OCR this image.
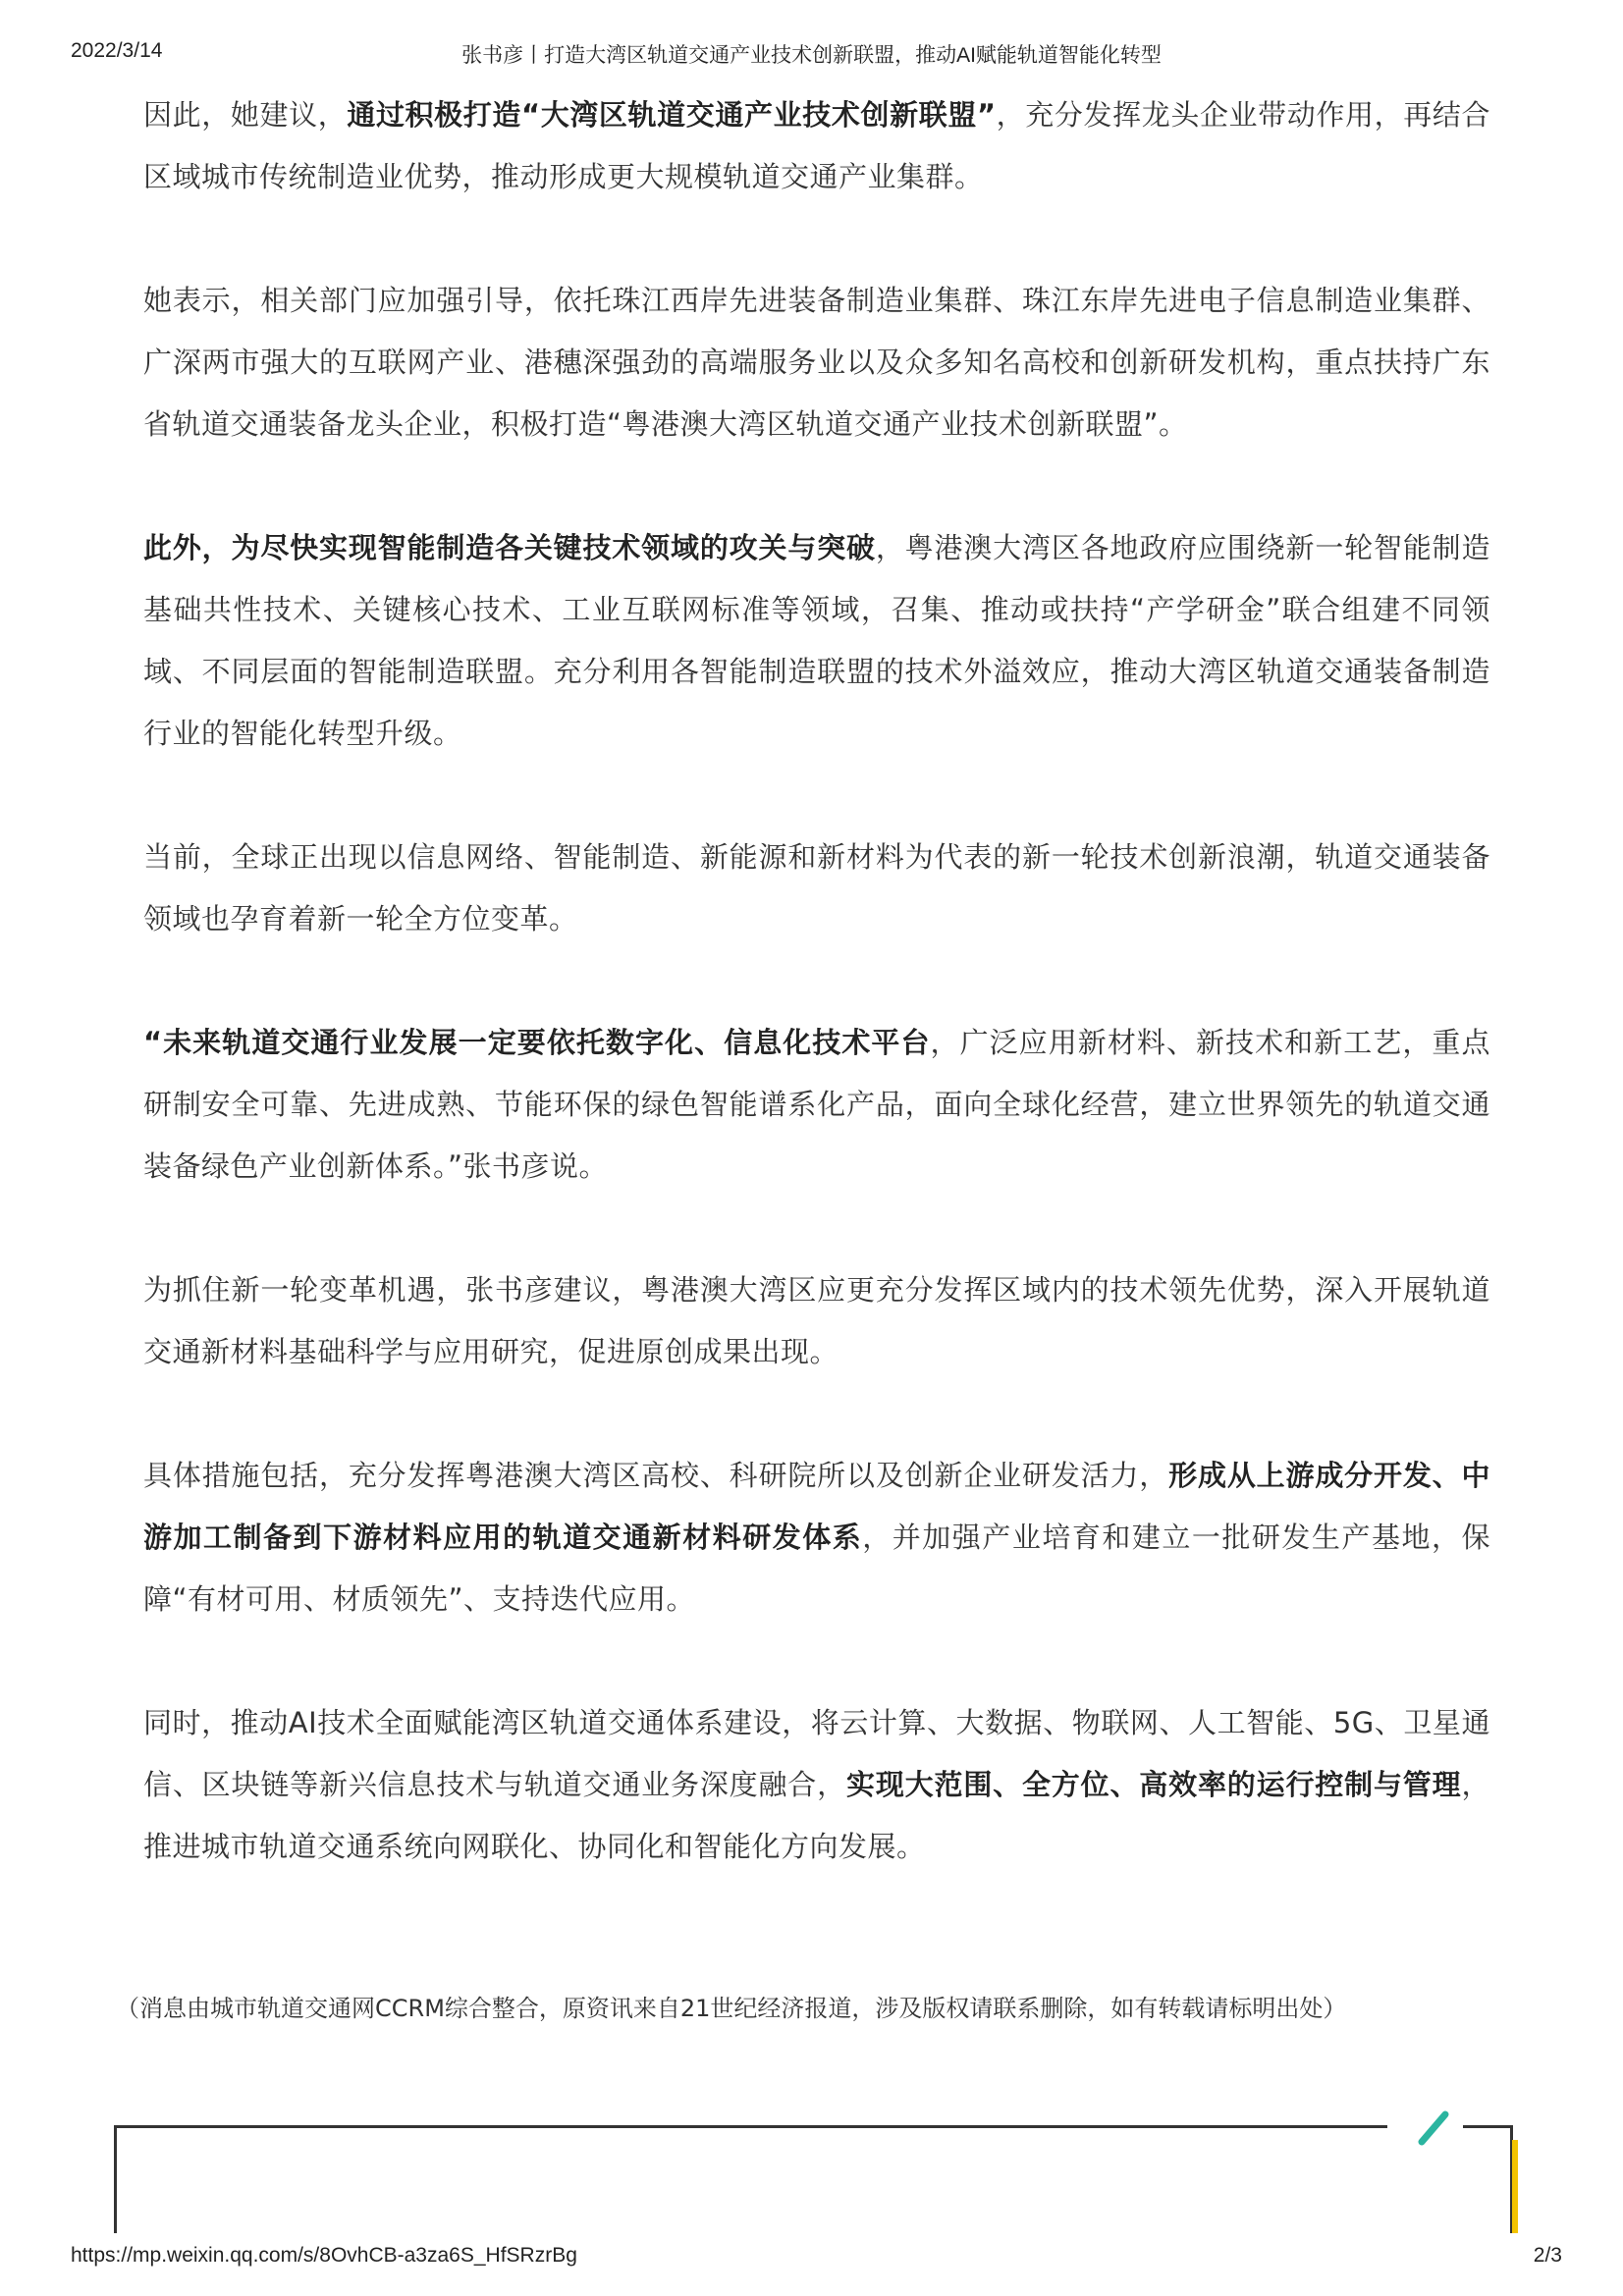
2022/3/14	张书彦丨打造大湾区轨道交通产业技术创新联盟，推动AI赋能轨道智能化转型

因此，她建议，通过积极打造“大湾区轨道交通产业技术创新联盟”，充分发挥龙头企业带动作用，再结合区域城市传统制造业优势，推动形成更大规模轨道交通产业集群。

她表示，相关部门应加强引导，依托珠江西岸先进装备制造业集群、珠江东岸先进电子信息制造业集群、广深两市强大的互联网产业、港穗深强劲的高端服务业以及众多知名高校和创新研发机构，重点扶持广东省轨道交通装备龙头企业，积极打造“粤港澳大湾区轨道交通产业技术创新联盟”。

此外，为尽快实现智能制造各关键技术领域的攻关与突破，粤港澳大湾区各地政府应围绕新一轮智能制造基础共性技术、关键核心技术、工业互联网标准等领域，召集、推动或扶持“产学研金”联合组建不同领域、不同层面的智能制造联盟。充分利用各智能制造联盟的技术外溢效应，推动大湾区轨道交通装备制造行业的智能化转型升级。

当前，全球正出现以信息网络、智能制造、新能源和新材料为代表的新一轮技术创新浪潮，轨道交通装备领域也孕育着新一轮全方位变革。

“未来轨道交通行业发展一定要依托数字化、信息化技术平台，广泛应用新材料、新技术和新工艺，重点研制安全可靠、先进成熟、节能环保的绿色智能谱系化产品，面向全球化经营，建立世界领先的轨道交通装备绿色产业创新体系。”张书彦说。

为抓住新一轮变革机遇，张书彦建议，粤港澳大湾区应更充分发挥区域内的技术领先优势，深入开展轨道交通新材料基础科学与应用研究，促进原创成果出现。

具体措施包括，充分发挥粤港澳大湾区高校、科研院所以及创新企业研发活力，形成从上游成分开发、中游加工制备到下游材料应用的轨道交通新材料研发体系，并加强产业培育和建立一批研发生产基地，保障“有材可用、材质领先”、支持迭代应用。

同时，推动AI技术全面赋能湾区轨道交通体系建设，将云计算、大数据、物联网、人工智能、5G、卫星通信、区块链等新兴信息技术与轨道交通业务深度融合，实现大范围、全方位、高效率的运行控制与管理，推进城市轨道交通系统向网联化、协同化和智能化方向发展。

（消息由城市轨道交通网CCRM综合整合，原资讯来自21世纪经济报道，涉及版权请联系删除，如有转载请标明出处）
https://mp.weixin.qq.com/s/8OvhCB-a3za6S_HfSRzrBg	2/3
